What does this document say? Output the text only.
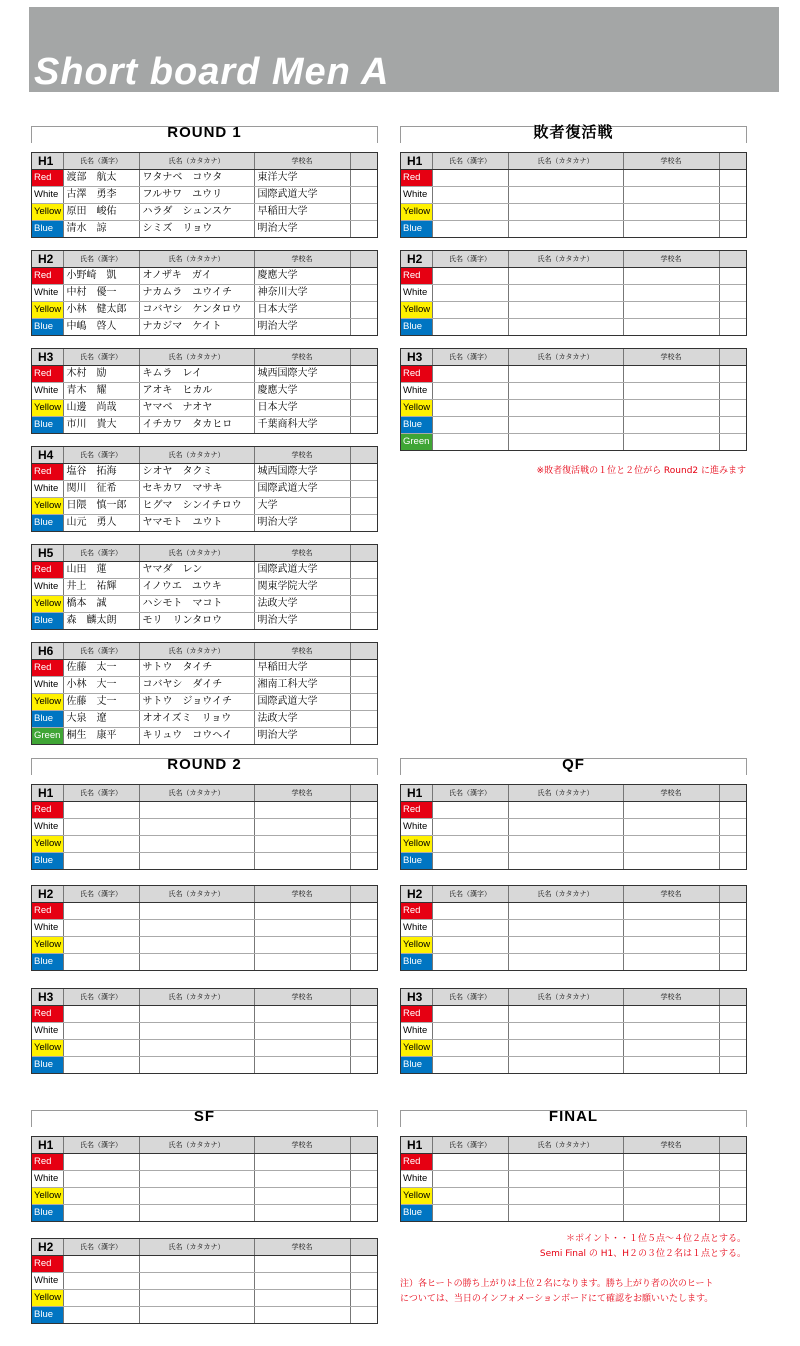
Short board Men A
ROUND 1
H1	氏名（漢字）	氏名（カタカナ）	学校名	
Red	渡部　航太	ワタナベ　コウタ	東洋大学	
White	古澤　勇李	フルサワ　ユウリ	国際武道大学	
Yellow	原田　峻佑	ハラダ　シュンスケ	早稲田大学	
Blue	清水　諒	シミズ　リョウ	明治大学	
H2	氏名（漢字）	氏名（カタカナ）	学校名	
Red	小野崎　凱	オノザキ　ガイ	慶應大学	
White	中村　優一	ナカムラ　ユウイチ	神奈川大学	
Yellow	小林　健太郎	コバヤシ　ケンタロウ	日本大学	
Blue	中嶋　啓人	ナカジマ　ケイト	明治大学	
H3	氏名（漢字）	氏名（カタカナ）	学校名	
Red	木村　励	キムラ　レイ	城西国際大学	
White	青木　耀	アオキ　ヒカル	慶應大学	
Yellow	山邊　尚哉	ヤマベ　ナオヤ	日本大学	
Blue	市川　貴大	イチカワ　タカヒロ	千葉商科大学	
H4	氏名（漢字）	氏名（カタカナ）	学校名	
Red	塩谷　拓海	シオヤ　タクミ	城西国際大学	
White	関川　征希	セキカワ　マサキ	国際武道大学	
Yellow	日隈　慎一郎	ヒグマ　シンイチロウ	大学	
Blue	山元　勇人	ヤマモト　ユウト	明治大学	
H5	氏名（漢字）	氏名（カタカナ）	学校名	
Red	山田　蓮	ヤマダ　レン	国際武道大学	
White	井上　祐輝	イノウエ　ユウキ	関東学院大学	
Yellow	橋本　誠	ハシモト　マコト	法政大学	
Blue	森　麟太朗	モリ　リンタロウ	明治大学	
H6	氏名（漢字）	氏名（カタカナ）	学校名	
Red	佐藤　太一	サトウ　タイチ	早稲田大学	
White	小林　大一	コバヤシ　ダイチ	湘南工科大学	
Yellow	佐藤　丈一	サトウ　ジョウイチ	国際武道大学	
Blue	大泉　遼	オオイズミ　リョウ	法政大学	
Green	桐生　康平	キリュウ　コウヘイ	明治大学	
敗者復活戦
H1	氏名（漢字）	氏名（カタカナ）	学校名	
Red				
White				
Yellow				
Blue				
H2	氏名（漢字）	氏名（カタカナ）	学校名	
Red				
White				
Yellow				
Blue				
H3	氏名（漢字）	氏名（カタカナ）	学校名	
Red				
White				
Yellow				
Blue				
Green				
ROUND 2
H1	氏名（漢字）	氏名（カタカナ）	学校名	
Red				
White				
Yellow				
Blue				
H2	氏名（漢字）	氏名（カタカナ）	学校名	
Red				
White				
Yellow				
Blue				
H3	氏名（漢字）	氏名（カタカナ）	学校名	
Red				
White				
Yellow				
Blue				
QF
H1	氏名（漢字）	氏名（カタカナ）	学校名	
Red				
White				
Yellow				
Blue				
H2	氏名（漢字）	氏名（カタカナ）	学校名	
Red				
White				
Yellow				
Blue				
H3	氏名（漢字）	氏名（カタカナ）	学校名	
Red				
White				
Yellow				
Blue				
SF
H1	氏名（漢字）	氏名（カタカナ）	学校名	
Red				
White				
Yellow				
Blue				
H2	氏名（漢字）	氏名（カタカナ）	学校名	
Red				
White				
Yellow				
Blue				
FINAL
H1	氏名（漢字）	氏名（カタカナ）	学校名	
Red				
White				
Yellow				
Blue				
※敗者復活戦の１位と２位がら Round2 に進みます
＊ポイント・・１位５点〜４位２点とする。
Semi Final の H1、H２の３位２名は１点とする。
注）各ヒートの勝ち上がりは上位２名になります。勝ち上がり者の次のヒート
については、当日のインフォメーションボードにて確認をお願いいたします。
